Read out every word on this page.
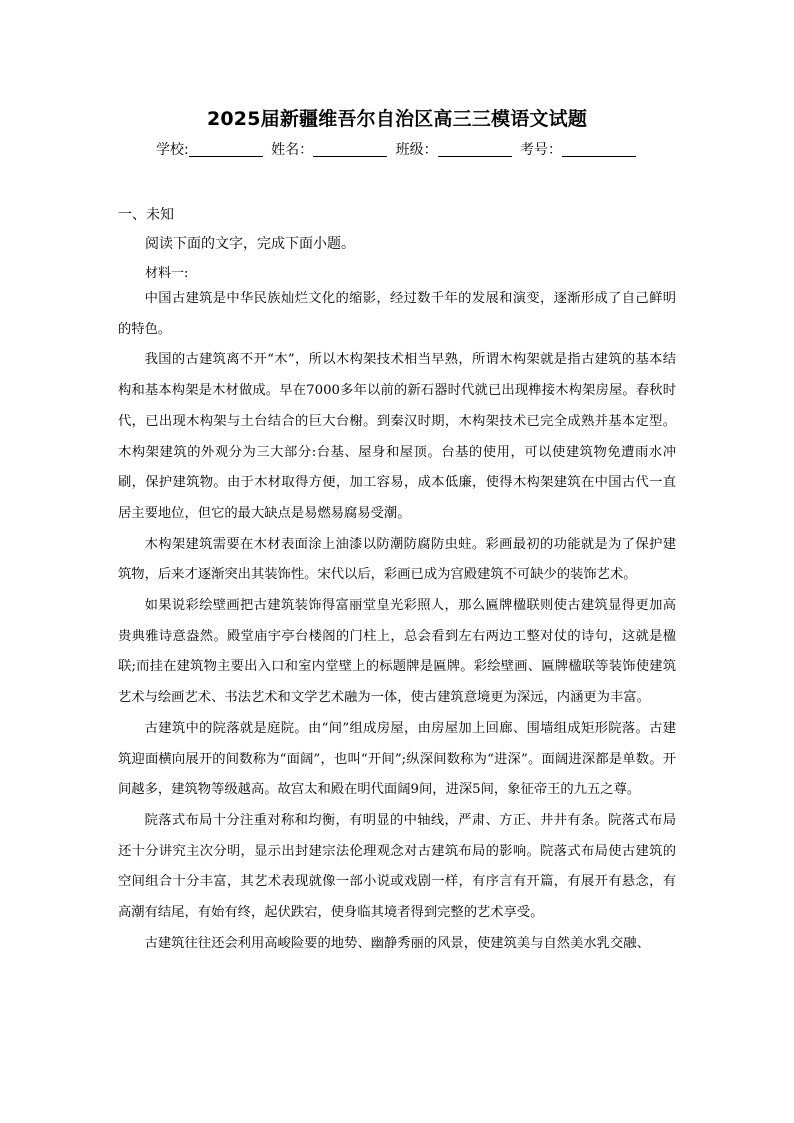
2025届新疆维吾尔自治区高三三模语文试题
学校:	姓名：	班级：	考号：
一、未知
阅读下面的文字，完成下面小题。
材料一:

中国古建筑是中华民族灿烂文化的缩影，经过数千年的发展和演变，逐渐形成了自己鲜明的特色。

我国的古建筑离不开“木”，所以木构架技术相当早熟，所谓木构架就是指古建筑的基本结构和基本构架是木材做成。早在7000多年以前的新石器时代就已出现榫接木构架房屋。春秋时代，已出现木构架与土台结合的巨大台榭。到秦汉时期，木构架技术已完全成熟并基本定型。木构架建筑的外观分为三大部分:台基、屋身和屋顶。台基的使用，可以使建筑物免遭雨水冲刷，保护建筑物。由于木材取得方便，加工容易，成本低廉，使得木构架建筑在中国古代一直居主要地位，但它的最大缺点是易燃易腐易受潮。

木构架建筑需要在木材表面涂上油漆以防潮防腐防虫蛀。彩画最初的功能就是为了保护建筑物，后来才逐渐突出其装饰性。宋代以后，彩画已成为宫殿建筑不可缺少的装饰艺术。

如果说彩绘壁画把古建筑装饰得富丽堂皇光彩照人，那么匾牌楹联则使古建筑显得更加高贵典雅诗意盎然。殿堂庙宇亭台楼阁的门柱上，总会看到左右两边工整对仗的诗句，这就是楹联;而挂在建筑物主要出入口和室内堂壁上的标题牌是匾牌。彩绘壁画、匾牌楹联等装饰使建筑艺术与绘画艺术、书法艺术和文学艺术融为一体，使古建筑意境更为深远，内涵更为丰富。

古建筑中的院落就是庭院。由“间”组成房屋，由房屋加上回廊、围墙组成矩形院落。古建筑迎面横向展开的间数称为“面阔”，也叫“开间”;纵深间数称为“进深”。面阔进深都是单数。开间越多，建筑物等级越高。故宫太和殿在明代面阔9间，进深5间，象征帝王的九五之尊。

院落式布局十分注重对称和均衡，有明显的中轴线，严肃、方正、井井有条。院落式布局还十分讲究主次分明，显示出封建宗法伦理观念对古建筑布局的影响。院落式布局使古建筑的空间组合十分丰富，其艺术表现就像一部小说或戏剧一样，有序言有开篇，有展开有悬念，有高潮有结尾，有始有终，起伏跌宕，使身临其境者得到完整的艺术享受。

古建筑往往还会利用高峻险要的地势、幽静秀丽的风景，使建筑美与自然美水乳交融、
